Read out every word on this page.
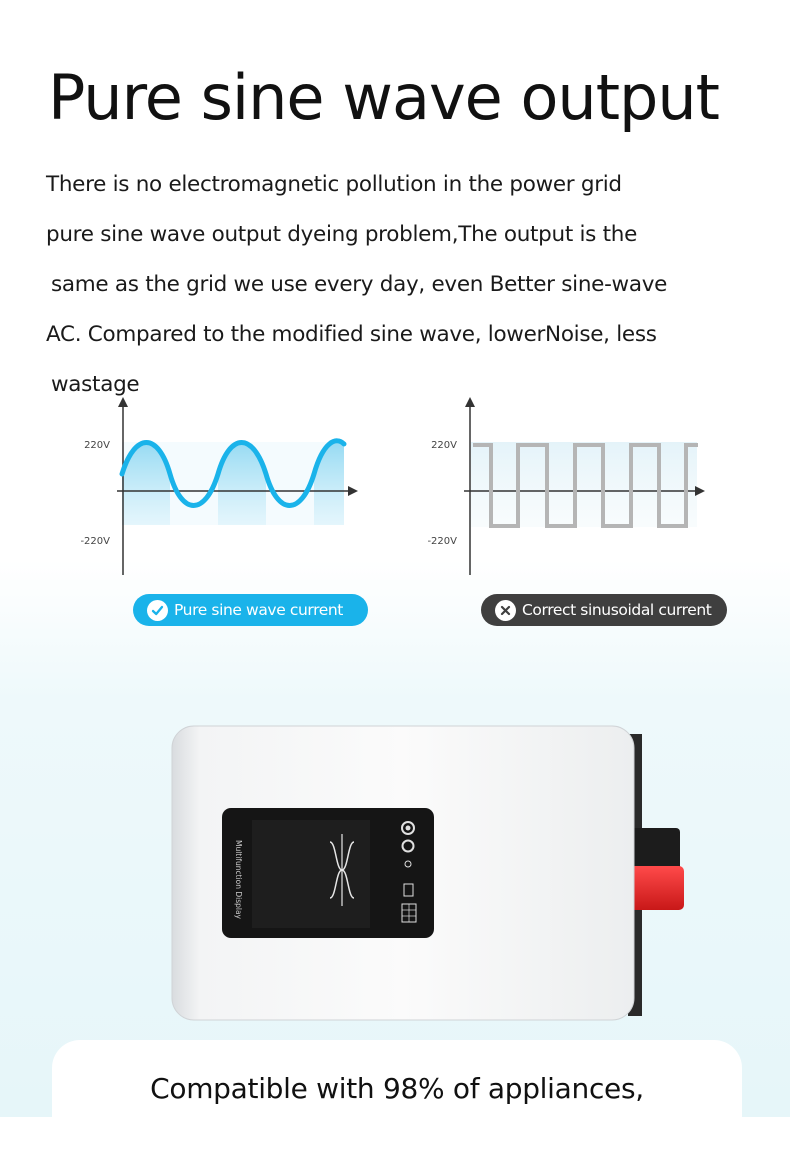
Pure sine wave output
There is no electromagnetic pollution in the power grid
pure sine wave output dyeing problem,The output is the
same as the grid we use every day, even Better sine-wave
AC. Compared to the modified sine wave, lowerNoise, less
wastage
220V
-220V
220V
-220V
Pure sine wave current	Correct sinusoidal current
Multifunction Display
Compatible with 98% of appliances,
